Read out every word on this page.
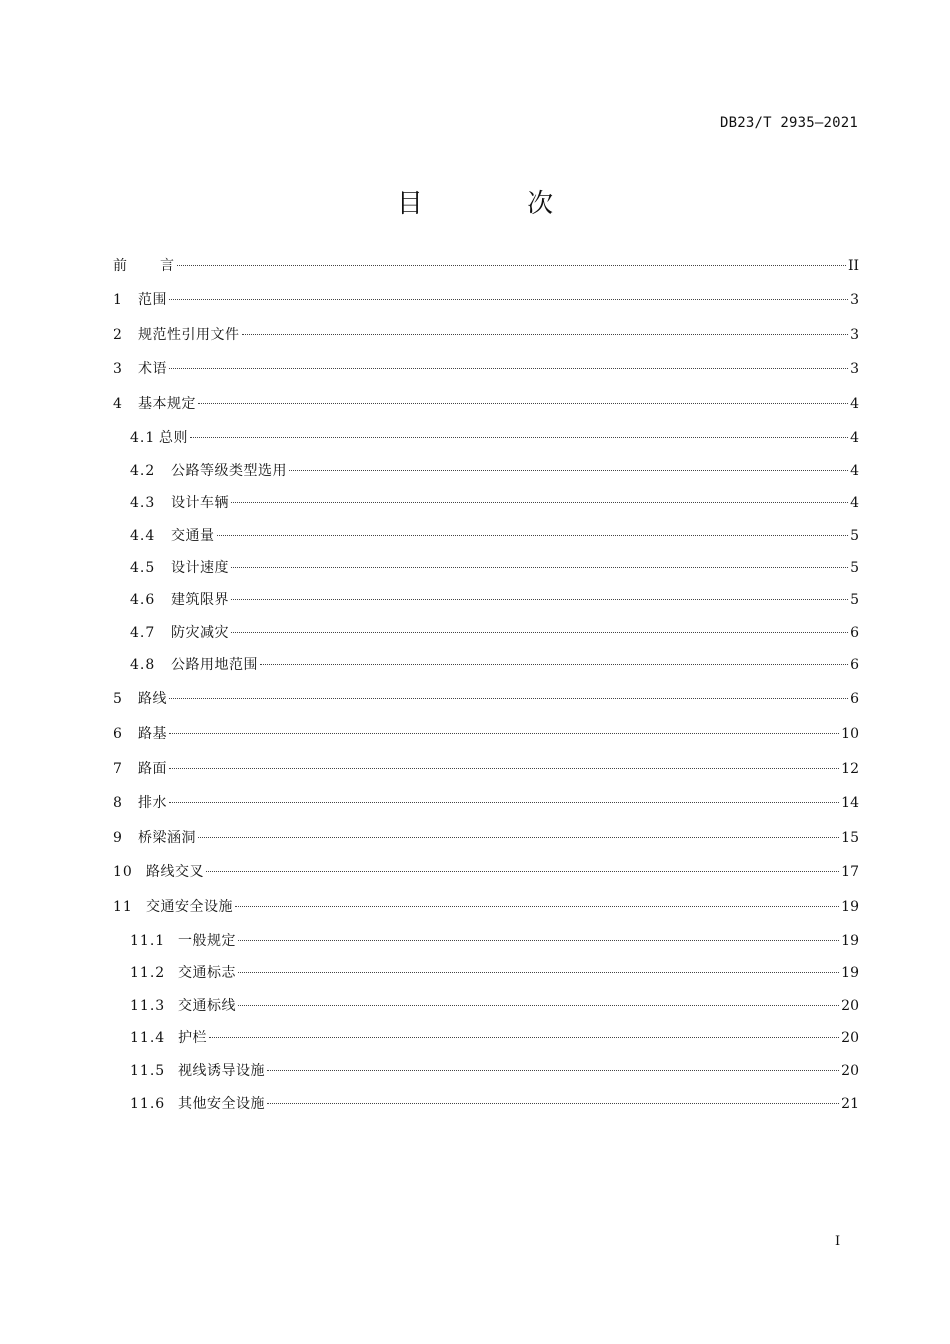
DB23/T 2935—2021
目 次
前	言	II
1	范围	3
2	规范性引用文件	3
3	术语	3
4	基本规定	4
4.1 总则	4
4.2	公路等级类型选用	4
4.3	设计车辆	4
4.4	交通量	5
4.5	设计速度	5
4.6	建筑限界	5
4.7	防灾减灾	6
4.8	公路用地范围	6
5	路线	6
6	路基	10
7	路面	12
8	排水	14
9	桥梁涵洞	15
10 路线交叉	17
11 交通安全设施	19
11.1 一般规定	19
11.2 交通标志	19
11.3 交通标线	20
11.4 护栏	20
11.5 视线诱导设施	20
11.6 其他安全设施	21
I
